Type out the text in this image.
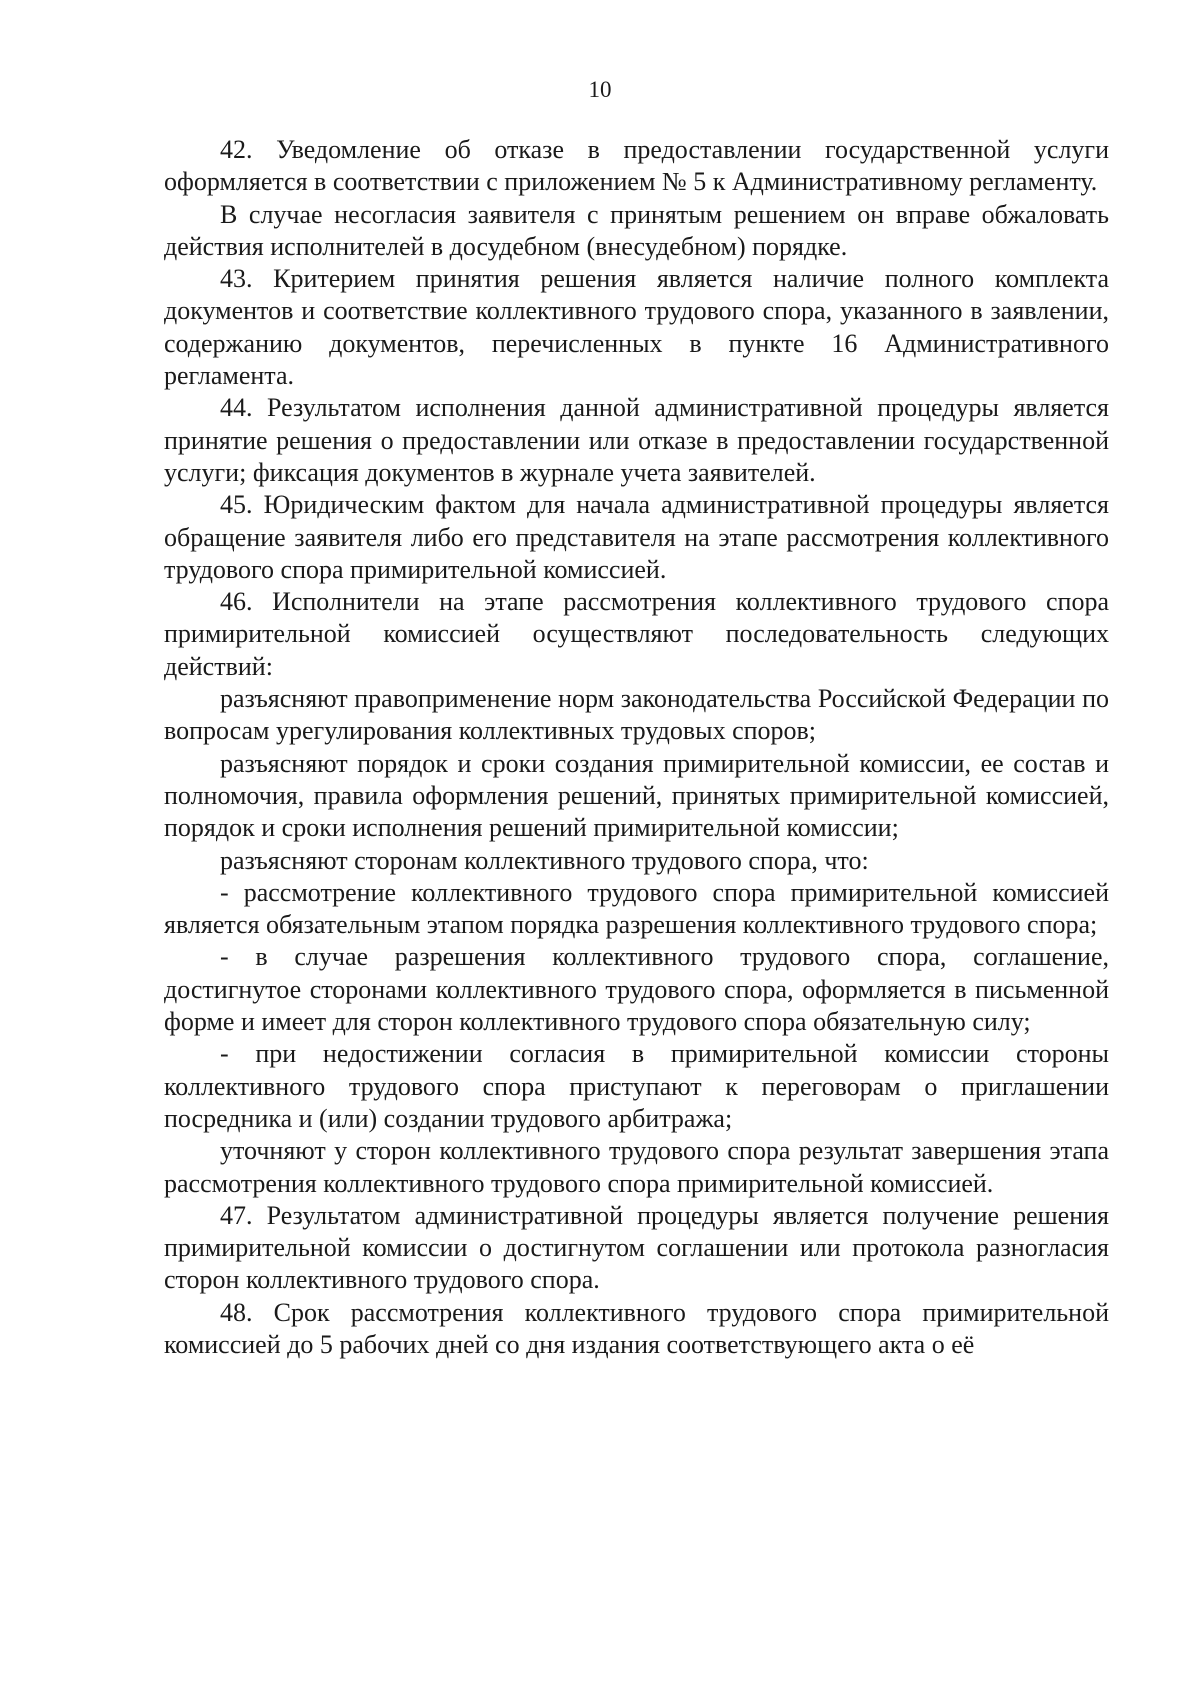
10

42. Уведомление об отказе в предоставлении государственной услуги оформляется в соответствии с приложением № 5 к Административному регламенту.

В случае несогласия заявителя с принятым решением он вправе обжаловать действия исполнителей в досудебном (внесудебном) порядке.

43. Критерием принятия решения является наличие полного комплекта документов и соответствие коллективного трудового спора, указанного в заявлении, содержанию документов, перечисленных в пункте 16 Административного регламента.

44. Результатом исполнения данной административной процедуры является принятие решения о предоставлении или отказе в предоставлении государственной услуги; фиксация документов в журнале учета заявителей.

45. Юридическим фактом для начала административной процедуры является обращение заявителя либо его представителя на этапе рассмотрения коллективного трудового спора примирительной комиссией.

46. Исполнители на этапе рассмотрения коллективного трудового спора примирительной комиссией осуществляют последовательность следующих действий:

разъясняют правоприменение норм законодательства Российской Федерации по вопросам урегулирования коллективных трудовых споров;

разъясняют порядок и сроки создания примирительной комиссии, ее состав и полномочия, правила оформления решений, принятых примирительной комиссией, порядок и сроки исполнения решений примирительной комиссии;

разъясняют сторонам коллективного трудового спора, что:

- рассмотрение коллективного трудового спора примирительной комиссией является обязательным этапом порядка разрешения коллективного трудового спора;

- в случае разрешения коллективного трудового спора, соглашение, достигнутое сторонами коллективного трудового спора, оформляется в письменной форме и имеет для сторон коллективного трудового спора обязательную силу;

- при недостижении согласия в примирительной комиссии стороны коллективного трудового спора приступают к переговорам о приглашении посредника и (или) создании трудового арбитража;

уточняют у сторон коллективного трудового спора результат завершения этапа рассмотрения коллективного трудового спора примирительной комиссией.

47. Результатом административной процедуры является получение решения примирительной комиссии о достигнутом соглашении или протокола разногласия сторон коллективного трудового спора.

48. Срок рассмотрения коллективного трудового спора примирительной комиссией до 5 рабочих дней со дня издания соответствующего акта о её
